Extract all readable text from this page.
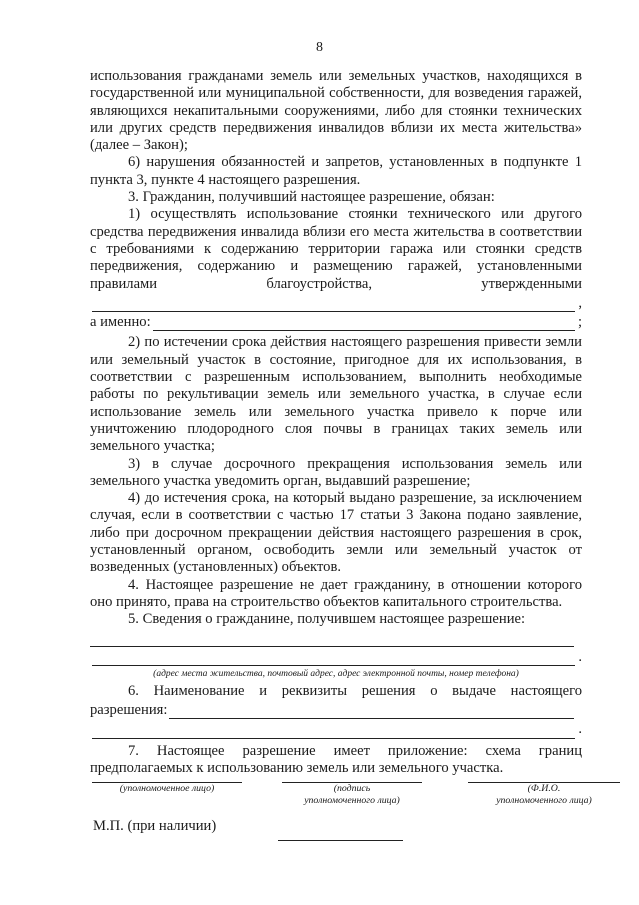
8

использования гражданами земель или земельных участков, находящихся в государственной или муниципальной собственности, для возведения гаражей, являющихся некапитальными сооружениями, либо для стоянки технических или других средств передвижения инвалидов вблизи их места жительства» (далее – Закон);

6) нарушения обязанностей и запретов, установленных в подпункте 1 пункта 3, пункте 4 настоящего разрешения.

3. Гражданин, получивший настоящее разрешение, обязан:

1) осуществлять использование стоянки технического или другого средства передвижения инвалида вблизи его места жительства в соответствии с требованиями к содержанию территории гаража или стоянки средств передвижения, содержанию и размещению гаражей, установленными правилами благоустройства, утвержденными

,
а именно:	;

2) по истечении срока действия настоящего разрешения привести земли или земельный участок в состояние, пригодное для их использования, в соответствии с разрешенным использованием, выполнить необходимые работы по рекультивации земель или земельного участка, в случае если использование земель или земельного участка привело к порче или уничтожению плодородного слоя почвы в границах таких земель или земельного участка;

3) в случае досрочного прекращения использования земель или земельного участка уведомить орган, выдавший разрешение;

4) до истечения срока, на который выдано разрешение, за исключением случая, если в соответствии с частью 17 статьи 3 Закона подано заявление, либо при досрочном прекращении действия настоящего разрешения в срок, установленный органом, освободить земли или земельный участок от возведенных (установленных) объектов.

4. Настоящее разрешение не дает гражданину, в отношении которого оно принято, права на строительство объектов капитального строительства.

5. Сведения о гражданине, получившем настоящее разрешение:

.
(адрес места жительства, почтовый адрес, адрес электронной почты, номер телефона)

6. Наименование и реквизиты решения о выдаче настоящего

разрешения:
.

7. Настоящее разрешение имеет приложение: схема границ предполагаемых к использованию земель или земельного участка.

(уполномоченное лицо)	(подпись
уполномоченного лица)
(Ф.И.О.
уполномоченного лица)
М.П. (при наличии)
